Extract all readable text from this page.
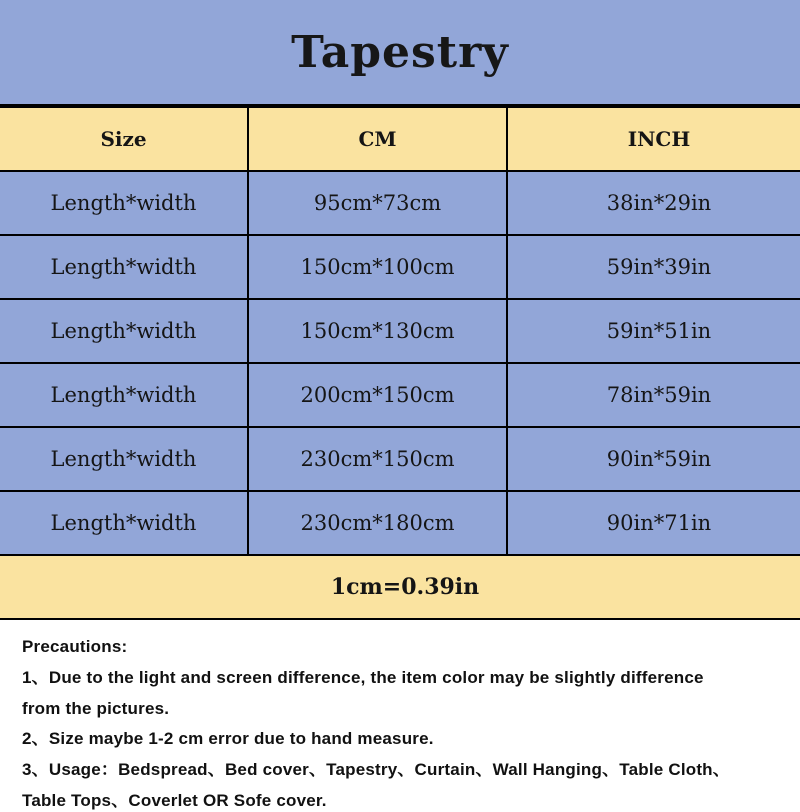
Tapestry
Size	CM	INCH
Length*width	95cm*73cm	38in*29in
Length*width	150cm*100cm	59in*39in
Length*width	150cm*130cm	59in*51in
Length*width	200cm*150cm	78in*59in
Length*width	230cm*150cm	90in*59in
Length*width	230cm*180cm	90in*71in
1cm=0.39in		

Precautions:

1、Due to the light and screen difference, the item color may be slightly difference

from the pictures.

2、Size maybe 1-2 cm error due to hand measure.

3、Usage：Bedspread、Bed cover、Tapestry、Curtain、Wall Hanging、Table Cloth、

Table Tops、Coverlet OR Sofe cover.
